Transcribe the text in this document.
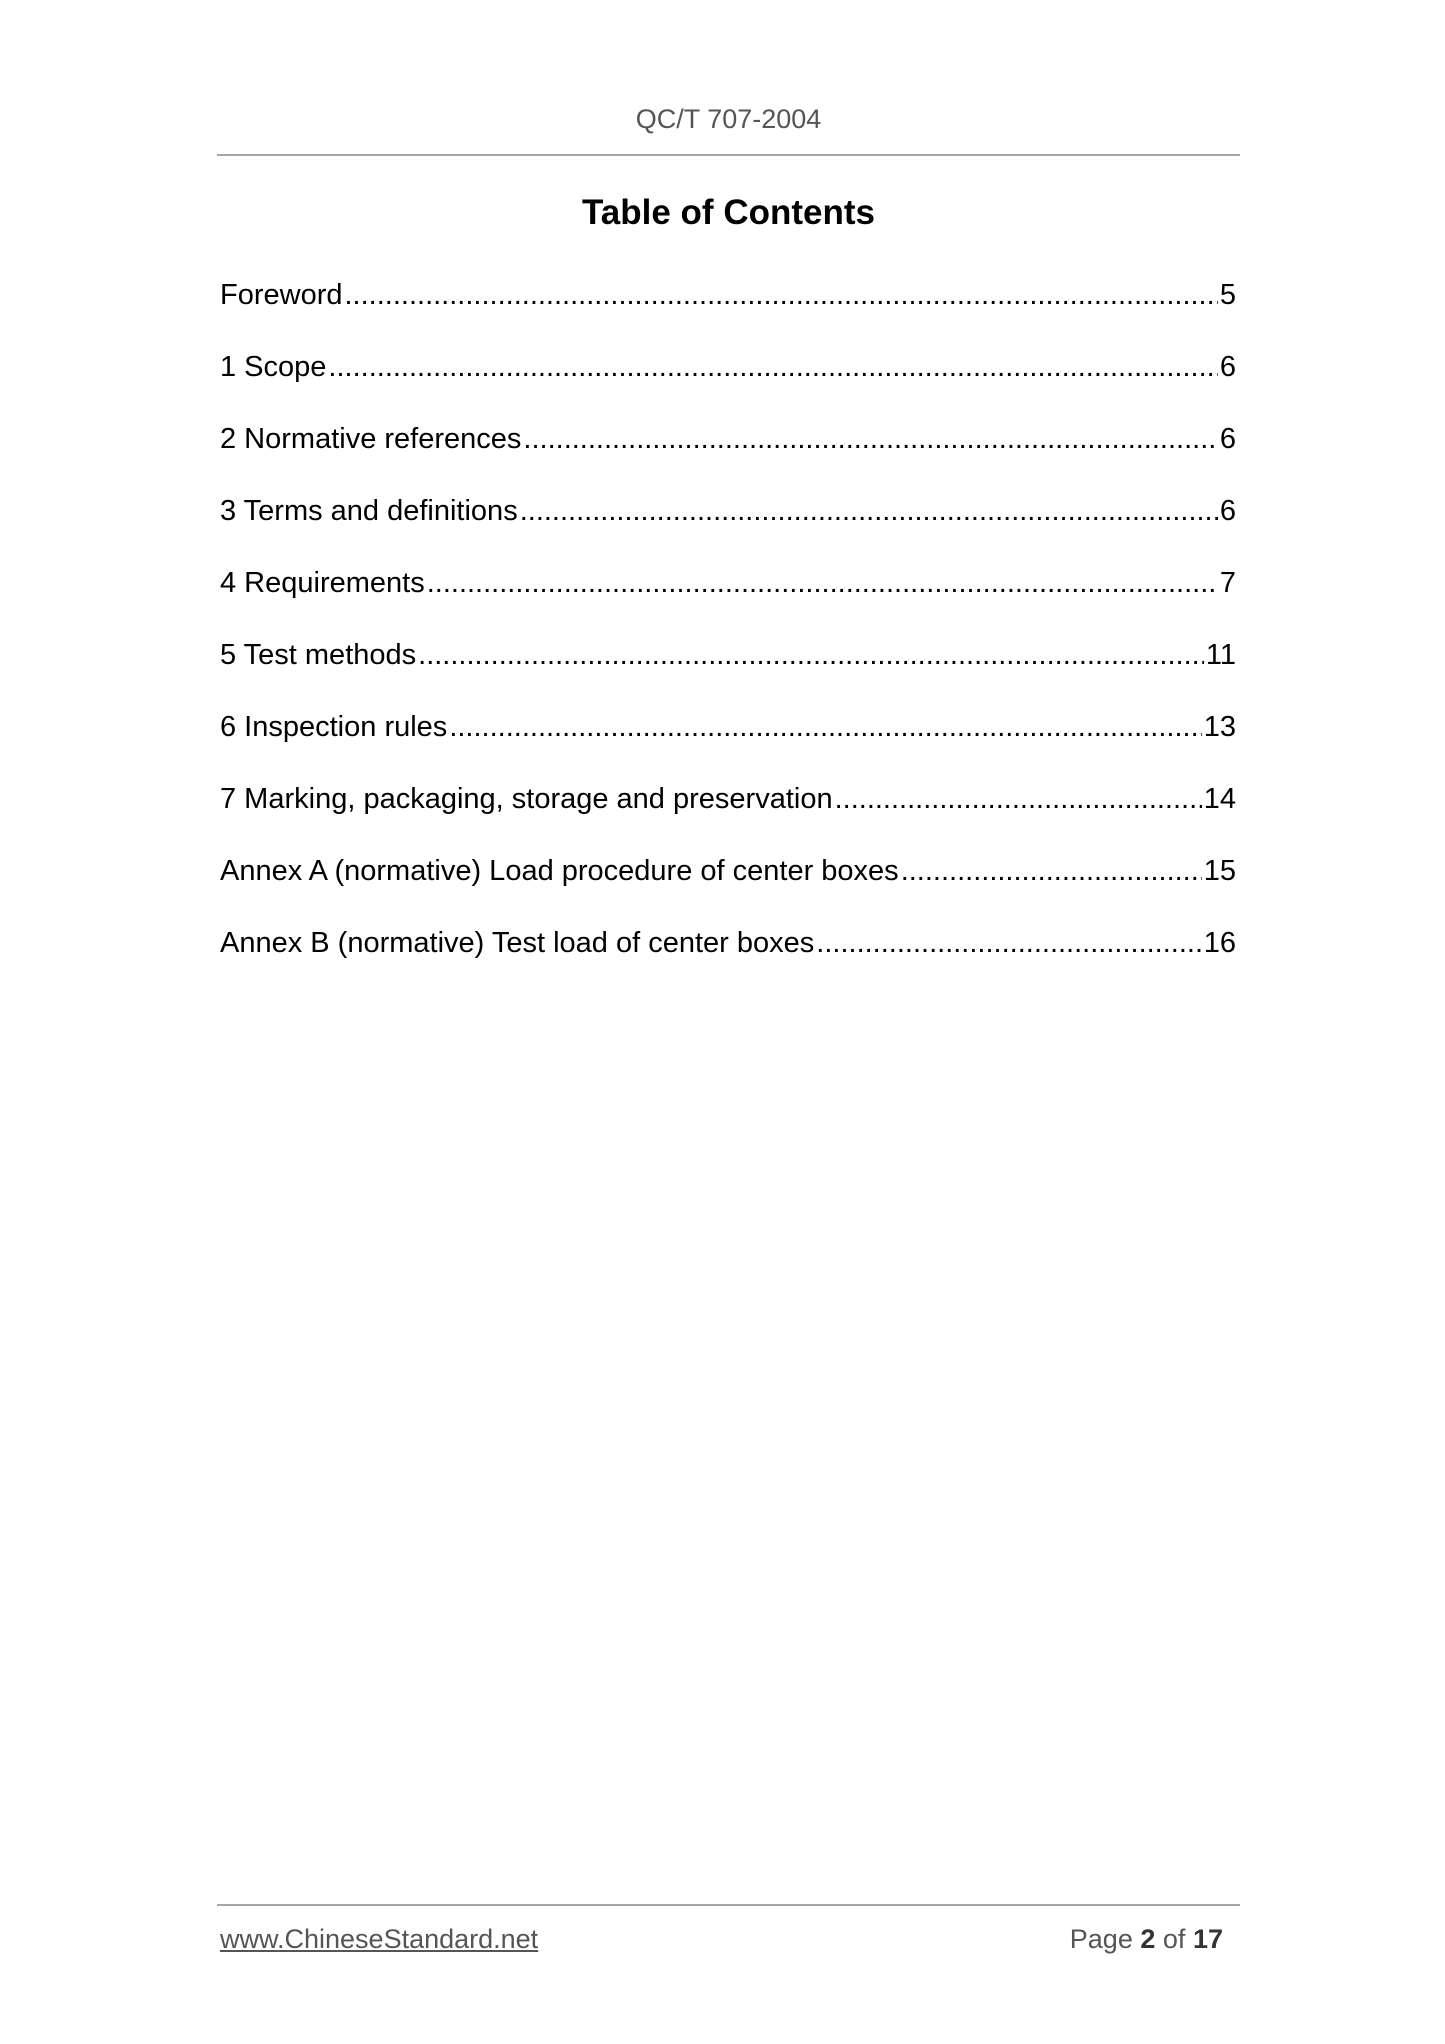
QC/T 707-2004
Table of Contents
Foreword .....	5
1 Scope .....	6
2 Normative references .....	6
3 Terms and definitions .....	6
4 Requirements .....	7
5 Test methods .....	11
6 Inspection rules .....	13
7 Marking, packaging, storage and preservation .....	14
Annex A (normative) Load procedure of center boxes .....	15
Annex B (normative) Test load of center boxes .....	16
www.ChineseStandard.net	Page 2 of 17
